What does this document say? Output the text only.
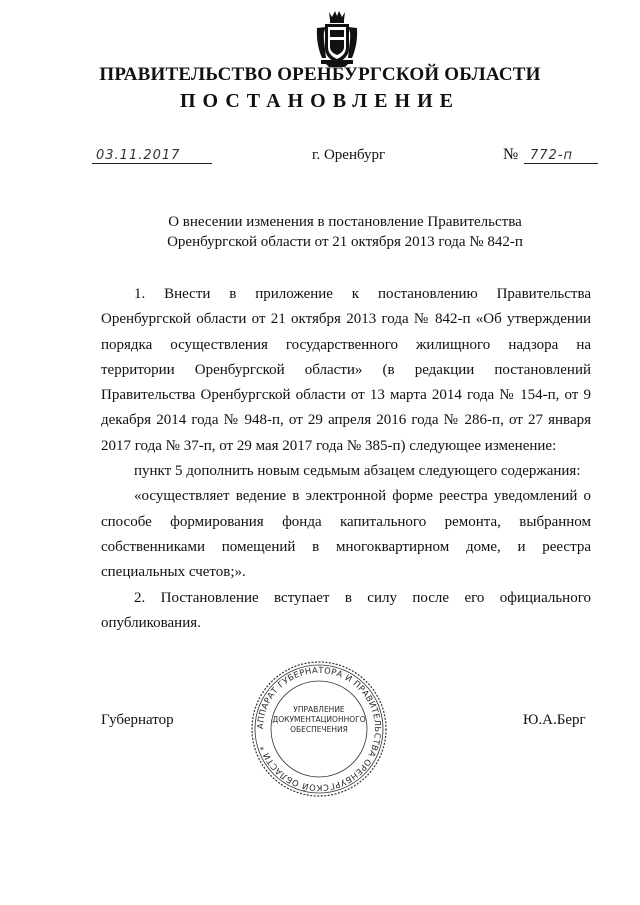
ПРАВИТЕЛЬСТВО ОРЕНБУРГСКОЙ ОБЛАСТИ
ПОСТАНОВЛЕНИЕ
03.11.2017	г. Оренбург	№ 772-п
О внесении изменения в постановление Правительства
Оренбургской области от 21 октября 2013 года № 842-п

1. Внести в приложение к постановлению Правительства Оренбургской области от 21 октября 2013 года № 842-п «Об утверждении порядка осуществления государственного жилищного надзора на территории Оренбургской области» (в редакции постановлений Правительства Оренбургской области от 13 марта 2014 года № 154-п, от 9 декабря 2014 года № 948-п, от 29 апреля 2016 года № 286-п, от 27 января 2017 года № 37-п, от 29 мая 2017 года № 385-п) следующее изменение:

пункт 5 дополнить новым седьмым абзацем следующего содержания:

«осуществляет ведение в электронной форме реестра уведомлений о способе формирования фонда капитального ремонта, выбранном собственниками помещений в многоквартирном доме, и реестра специальных счетов;».

2. Постановление вступает в силу после его официального опубликования.

Губернатор	Ю.А.Берг
АППАРАТ ГУБЕРНАТОРА И ПРАВИТЕЛЬСТВА ОРЕНБУРГСКОЙ ОБЛАСТИ *
УПРАВЛЕНИЕ
ДОКУМЕНТАЦИОННОГО
ОБЕСПЕЧЕНИЯ
